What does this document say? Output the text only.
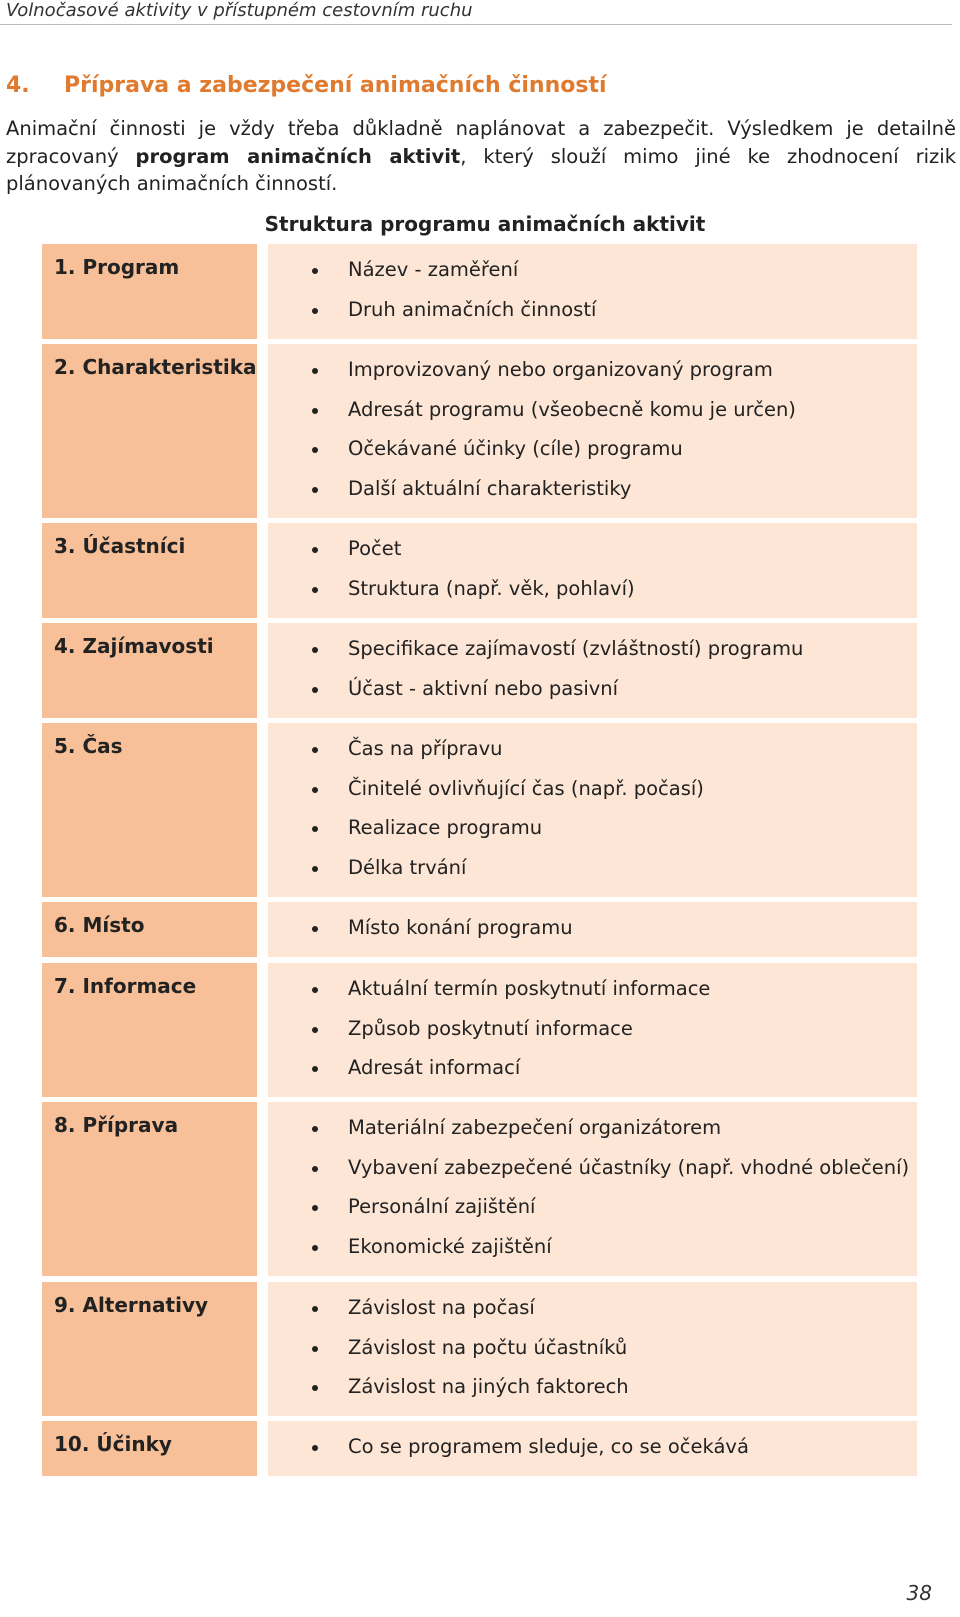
Volnočasové aktivity v přístupném cestovním ruchu
4. Příprava a zabezpečení animačních činností
Animační činnosti je vždy třeba důkladně naplánovat a zabezpečit. Výsledkem je detailně zpracovaný program animačních aktivit, který slouží mimo jiné ke zhodnocení rizik plánovaných animačních činností.
Struktura programu animačních aktivit
1. Program	Název - zaměření
Druh animačních činností
2. Charakteristika	Improvizovaný nebo organizovaný program
Adresát programu (všeobecně komu je určen)
Očekávané účinky (cíle) programu
Další aktuální charakteristiky
3. Účastníci	Počet
Struktura (např. věk, pohlaví)
4. Zajímavosti	Specifikace zajímavostí (zvláštností) programu
Účast - aktivní nebo pasivní
5. Čas	Čas na přípravu
Činitelé ovlivňující čas (např. počasí)
Realizace programu
Délka trvání
6. Místo	Místo konání programu
7. Informace	Aktuální termín poskytnutí informace
Způsob poskytnutí informace
Adresát informací
8. Příprava	Materiální zabezpečení organizátorem
Vybavení zabezpečené účastníky (např. vhodné oblečení)
Personální zajištění
Ekonomické zajištění
9. Alternativy	Závislost na počasí
Závislost na počtu účastníků
Závislost na jiných faktorech
10. Účinky	Co se programem sleduje, co se očekává
38
